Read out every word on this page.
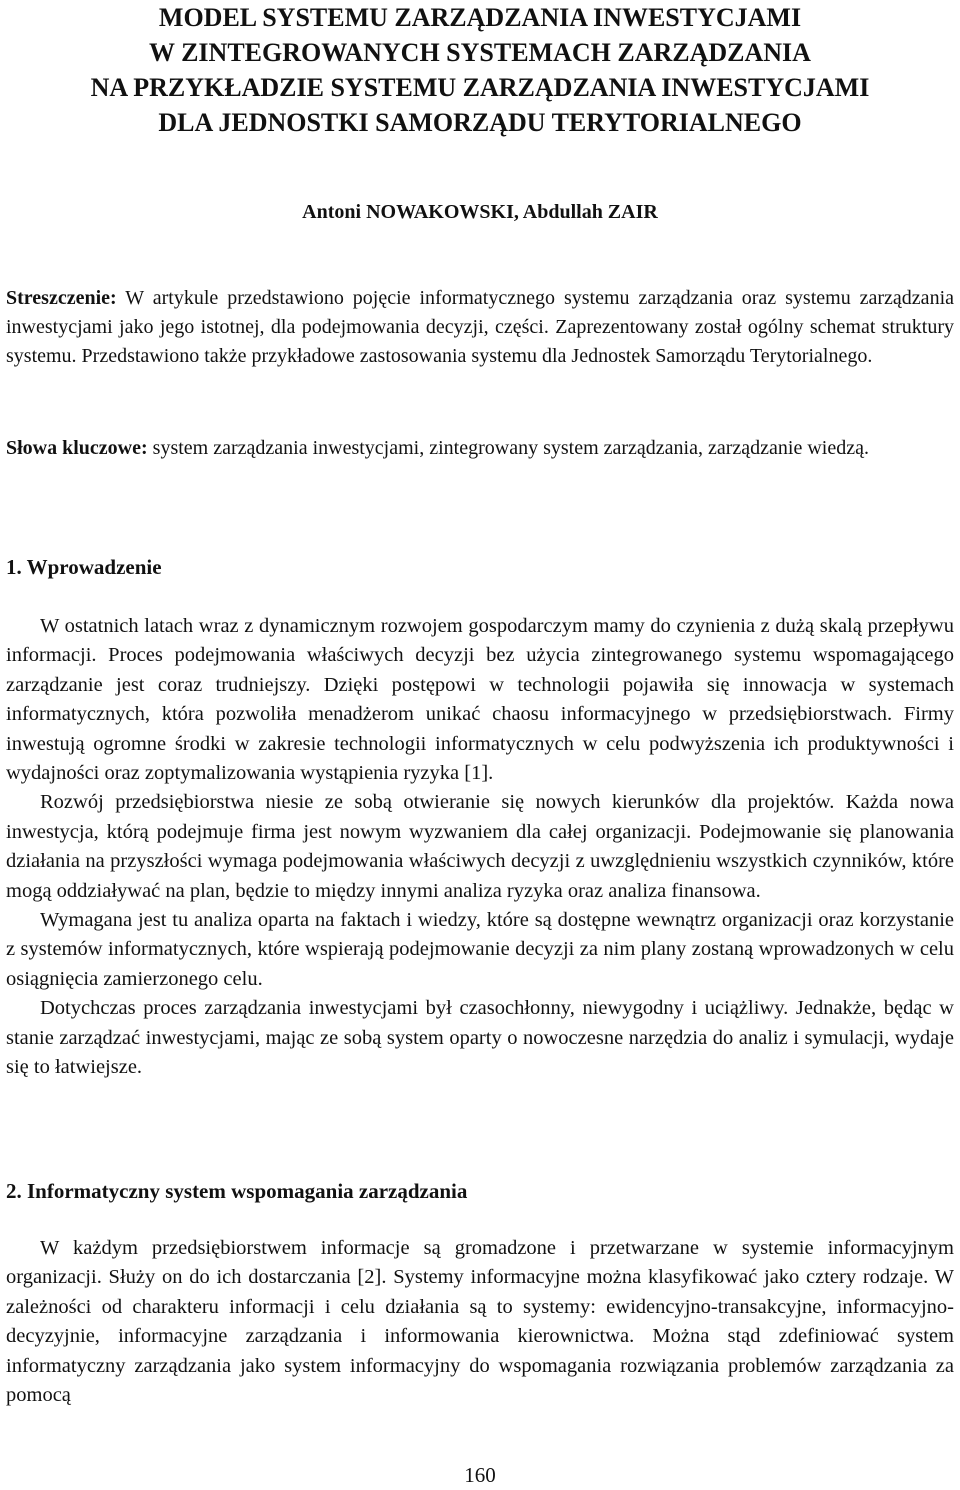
MODEL SYSTEMU ZARZĄDZANIA INWESTYCJAMI
W ZINTEGROWANYCH SYSTEMACH ZARZĄDZANIA
NA PRZYKŁADZIE SYSTEMU ZARZĄDZANIA INWESTYCJAMI
DLA JEDNOSTKI SAMORZĄDU TERYTORIALNEGO

Antoni NOWAKOWSKI, Abdullah ZAIR

Streszczenie: W artykule przedstawiono pojęcie informatycznego systemu zarządzania oraz systemu zarządzania inwestycjami jako jego istotnej, dla podejmowania decyzji, części. Zaprezentowany został ogólny schemat struktury systemu. Przedstawiono także przykładowe zastosowania systemu dla Jednostek Samorządu Terytorialnego.

Słowa kluczowe: system zarządzania inwestycjami, zintegrowany system zarządzania, zarządzanie wiedzą.

1. Wprowadzenie

W ostatnich latach wraz z dynamicznym rozwojem gospodarczym mamy do czynienia z dużą skalą przepływu informacji. Proces podejmowania właściwych decyzji bez użycia zintegrowanego systemu wspomagającego zarządzanie jest coraz trudniejszy. Dzięki postępowi w technologii pojawiła się innowacja w systemach informatycznych, która pozwoliła menadżerom unikać chaosu informacyjnego w przedsiębiorstwach. Firmy inwestują ogromne środki w zakresie technologii informatycznych w celu podwyższenia ich produktywności i wydajności oraz zoptymalizowania wystąpienia ryzyka [1].

Rozwój przedsiębiorstwa niesie ze sobą otwieranie się nowych kierunków dla projektów. Każda nowa inwestycja, którą podejmuje firma jest nowym wyzwaniem dla całej organizacji. Podejmowanie się planowania działania na przyszłości wymaga podejmowania właściwych decyzji z uwzględnieniu wszystkich czynników, które mogą oddziaływać na plan, będzie to między innymi analiza ryzyka oraz analiza finansowa.

Wymagana jest tu analiza oparta na faktach i wiedzy, które są dostępne wewnątrz organizacji oraz korzystanie z systemów informatycznych, które wspierają podejmowanie decyzji za nim plany zostaną wprowadzonych w celu osiągnięcia zamierzonego celu.

Dotychczas proces zarządzania inwestycjami był czasochłonny, niewygodny i uciążliwy. Jednakże, będąc w stanie zarządzać inwestycjami, mając ze sobą system oparty o nowoczesne narzędzia do analiz i symulacji, wydaje się to łatwiejsze.

2. Informatyczny system wspomagania zarządzania

W każdym przedsiębiorstwem informacje są gromadzone i przetwarzane w systemie informacyjnym organizacji. Służy on do ich dostarczania [2]. Systemy informacyjne można klasyfikować jako cztery rodzaje. W zależności od charakteru informacji i celu działania są to systemy: ewidencyjno-transakcyjne, informacyjno-decyzyjnie, informacyjne zarządzania i informowania kierownictwa. Można stąd zdefiniować system informatyczny zarządzania jako system informacyjny do wspomagania rozwiązania problemów zarządzania za pomocą

160
